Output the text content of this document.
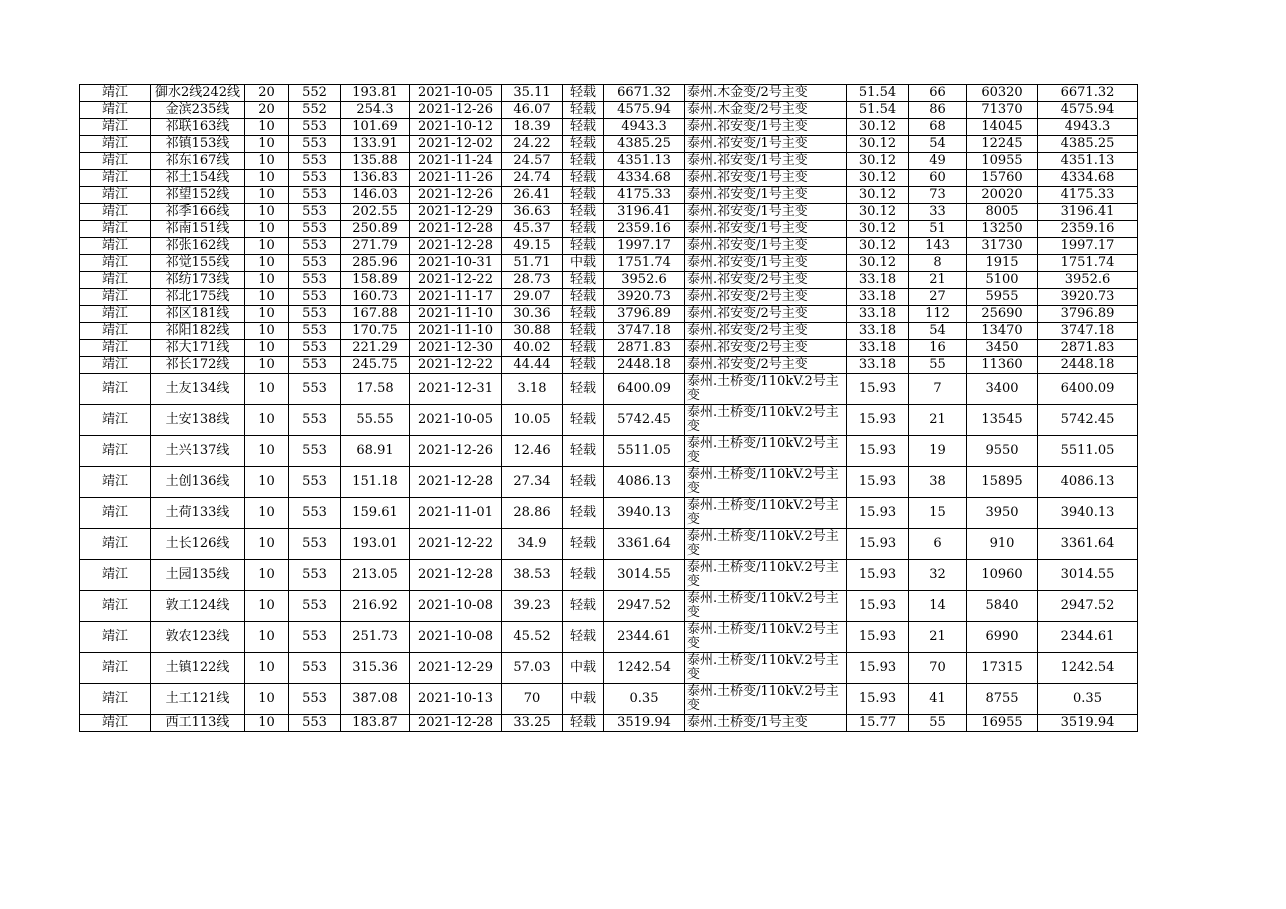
靖江	御水2线242线	20	552	193.81	2021-10-05	35.11	轻载	6671.32	泰州.木金变/2号主变	51.54	66	60320	6671.32
靖江	金滨235线	20	552	254.3	2021-12-26	46.07	轻载	4575.94	泰州.木金变/2号主变	51.54	86	71370	4575.94
靖江	祁联163线	10	553	101.69	2021-10-12	18.39	轻载	4943.3	泰州.祁安变/1号主变	30.12	68	14045	4943.3
靖江	祁镇153线	10	553	133.91	2021-12-02	24.22	轻载	4385.25	泰州.祁安变/1号主变	30.12	54	12245	4385.25
靖江	祁东167线	10	553	135.88	2021-11-24	24.57	轻载	4351.13	泰州.祁安变/1号主变	30.12	49	10955	4351.13
靖江	祁土154线	10	553	136.83	2021-11-26	24.74	轻载	4334.68	泰州.祁安变/1号主变	30.12	60	15760	4334.68
靖江	祁望152线	10	553	146.03	2021-12-26	26.41	轻载	4175.33	泰州.祁安变/1号主变	30.12	73	20020	4175.33
靖江	祁季166线	10	553	202.55	2021-12-29	36.63	轻载	3196.41	泰州.祁安变/1号主变	30.12	33	8005	3196.41
靖江	祁南151线	10	553	250.89	2021-12-28	45.37	轻载	2359.16	泰州.祁安变/1号主变	30.12	51	13250	2359.16
靖江	祁张162线	10	553	271.79	2021-12-28	49.15	轻载	1997.17	泰州.祁安变/1号主变	30.12	143	31730	1997.17
靖江	祁觉155线	10	553	285.96	2021-10-31	51.71	中载	1751.74	泰州.祁安变/1号主变	30.12	8	1915	1751.74
靖江	祁纺173线	10	553	158.89	2021-12-22	28.73	轻载	3952.6	泰州.祁安变/2号主变	33.18	21	5100	3952.6
靖江	祁北175线	10	553	160.73	2021-11-17	29.07	轻载	3920.73	泰州.祁安变/2号主变	33.18	27	5955	3920.73
靖江	祁区181线	10	553	167.88	2021-11-10	30.36	轻载	3796.89	泰州.祁安变/2号主变	33.18	112	25690	3796.89
靖江	祁阳182线	10	553	170.75	2021-11-10	30.88	轻载	3747.18	泰州.祁安变/2号主变	33.18	54	13470	3747.18
靖江	祁大171线	10	553	221.29	2021-12-30	40.02	轻载	2871.83	泰州.祁安变/2号主变	33.18	16	3450	2871.83
靖江	祁长172线	10	553	245.75	2021-12-22	44.44	轻载	2448.18	泰州.祁安变/2号主变	33.18	55	11360	2448.18
靖江	土友134线	10	553	17.58	2021-12-31	3.18	轻载	6400.09	泰州.土桥变/110kV.2号主变	15.93	7	3400	6400.09
靖江	土安138线	10	553	55.55	2021-10-05	10.05	轻载	5742.45	泰州.土桥变/110kV.2号主变	15.93	21	13545	5742.45
靖江	土兴137线	10	553	68.91	2021-12-26	12.46	轻载	5511.05	泰州.土桥变/110kV.2号主变	15.93	19	9550	5511.05
靖江	土创136线	10	553	151.18	2021-12-28	27.34	轻载	4086.13	泰州.土桥变/110kV.2号主变	15.93	38	15895	4086.13
靖江	土荷133线	10	553	159.61	2021-11-01	28.86	轻载	3940.13	泰州.土桥变/110kV.2号主变	15.93	15	3950	3940.13
靖江	土长126线	10	553	193.01	2021-12-22	34.9	轻载	3361.64	泰州.土桥变/110kV.2号主变	15.93	6	910	3361.64
靖江	土园135线	10	553	213.05	2021-12-28	38.53	轻载	3014.55	泰州.土桥变/110kV.2号主变	15.93	32	10960	3014.55
靖江	敦工124线	10	553	216.92	2021-10-08	39.23	轻载	2947.52	泰州.土桥变/110kV.2号主变	15.93	14	5840	2947.52
靖江	敦农123线	10	553	251.73	2021-10-08	45.52	轻载	2344.61	泰州.土桥变/110kV.2号主变	15.93	21	6990	2344.61
靖江	土镇122线	10	553	315.36	2021-12-29	57.03	中载	1242.54	泰州.土桥变/110kV.2号主变	15.93	70	17315	1242.54
靖江	土工121线	10	553	387.08	2021-10-13	70	中载	0.35	泰州.土桥变/110kV.2号主变	15.93	41	8755	0.35
靖江	西工113线	10	553	183.87	2021-12-28	33.25	轻载	3519.94	泰州.土桥变/1号主变	15.77	55	16955	3519.94
